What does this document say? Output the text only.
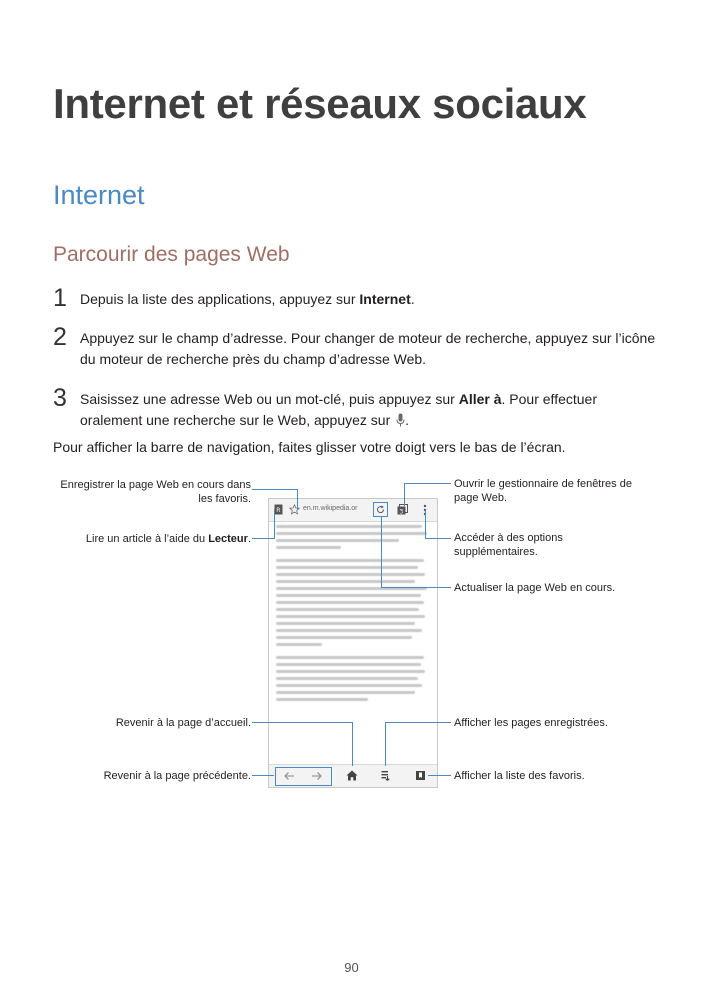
Internet et réseaux sociaux
Internet
Parcourir des pages Web
1 Depuis la liste des applications, appuyez sur Internet.
2 Appuyez sur le champ d’adresse. Pour changer de moteur de recherche, appuyez sur l’icône du moteur de recherche près du champ d’adresse Web.
3 Saisissez une adresse Web ou un mot-clé, puis appuyez sur Aller à. Pour effectuer oralement une recherche sur le Web, appuyez sur .
Pour afficher la barre de navigation, faites glisser votre doigt vers le bas de l’écran.
R	en.m.wikipedia.or
3
Enregistrer la page Web en cours dans les favoris.
Lire un article à l’aide du Lecteur.
Revenir à la page d’accueil.
Revenir à la page précédente.
Ouvrir le gestionnaire de fenêtres de page Web.
Accéder à des options supplémentaires.
Actualiser la page Web en cours.
Afficher les pages enregistrées.
Afficher la liste des favoris.
90
